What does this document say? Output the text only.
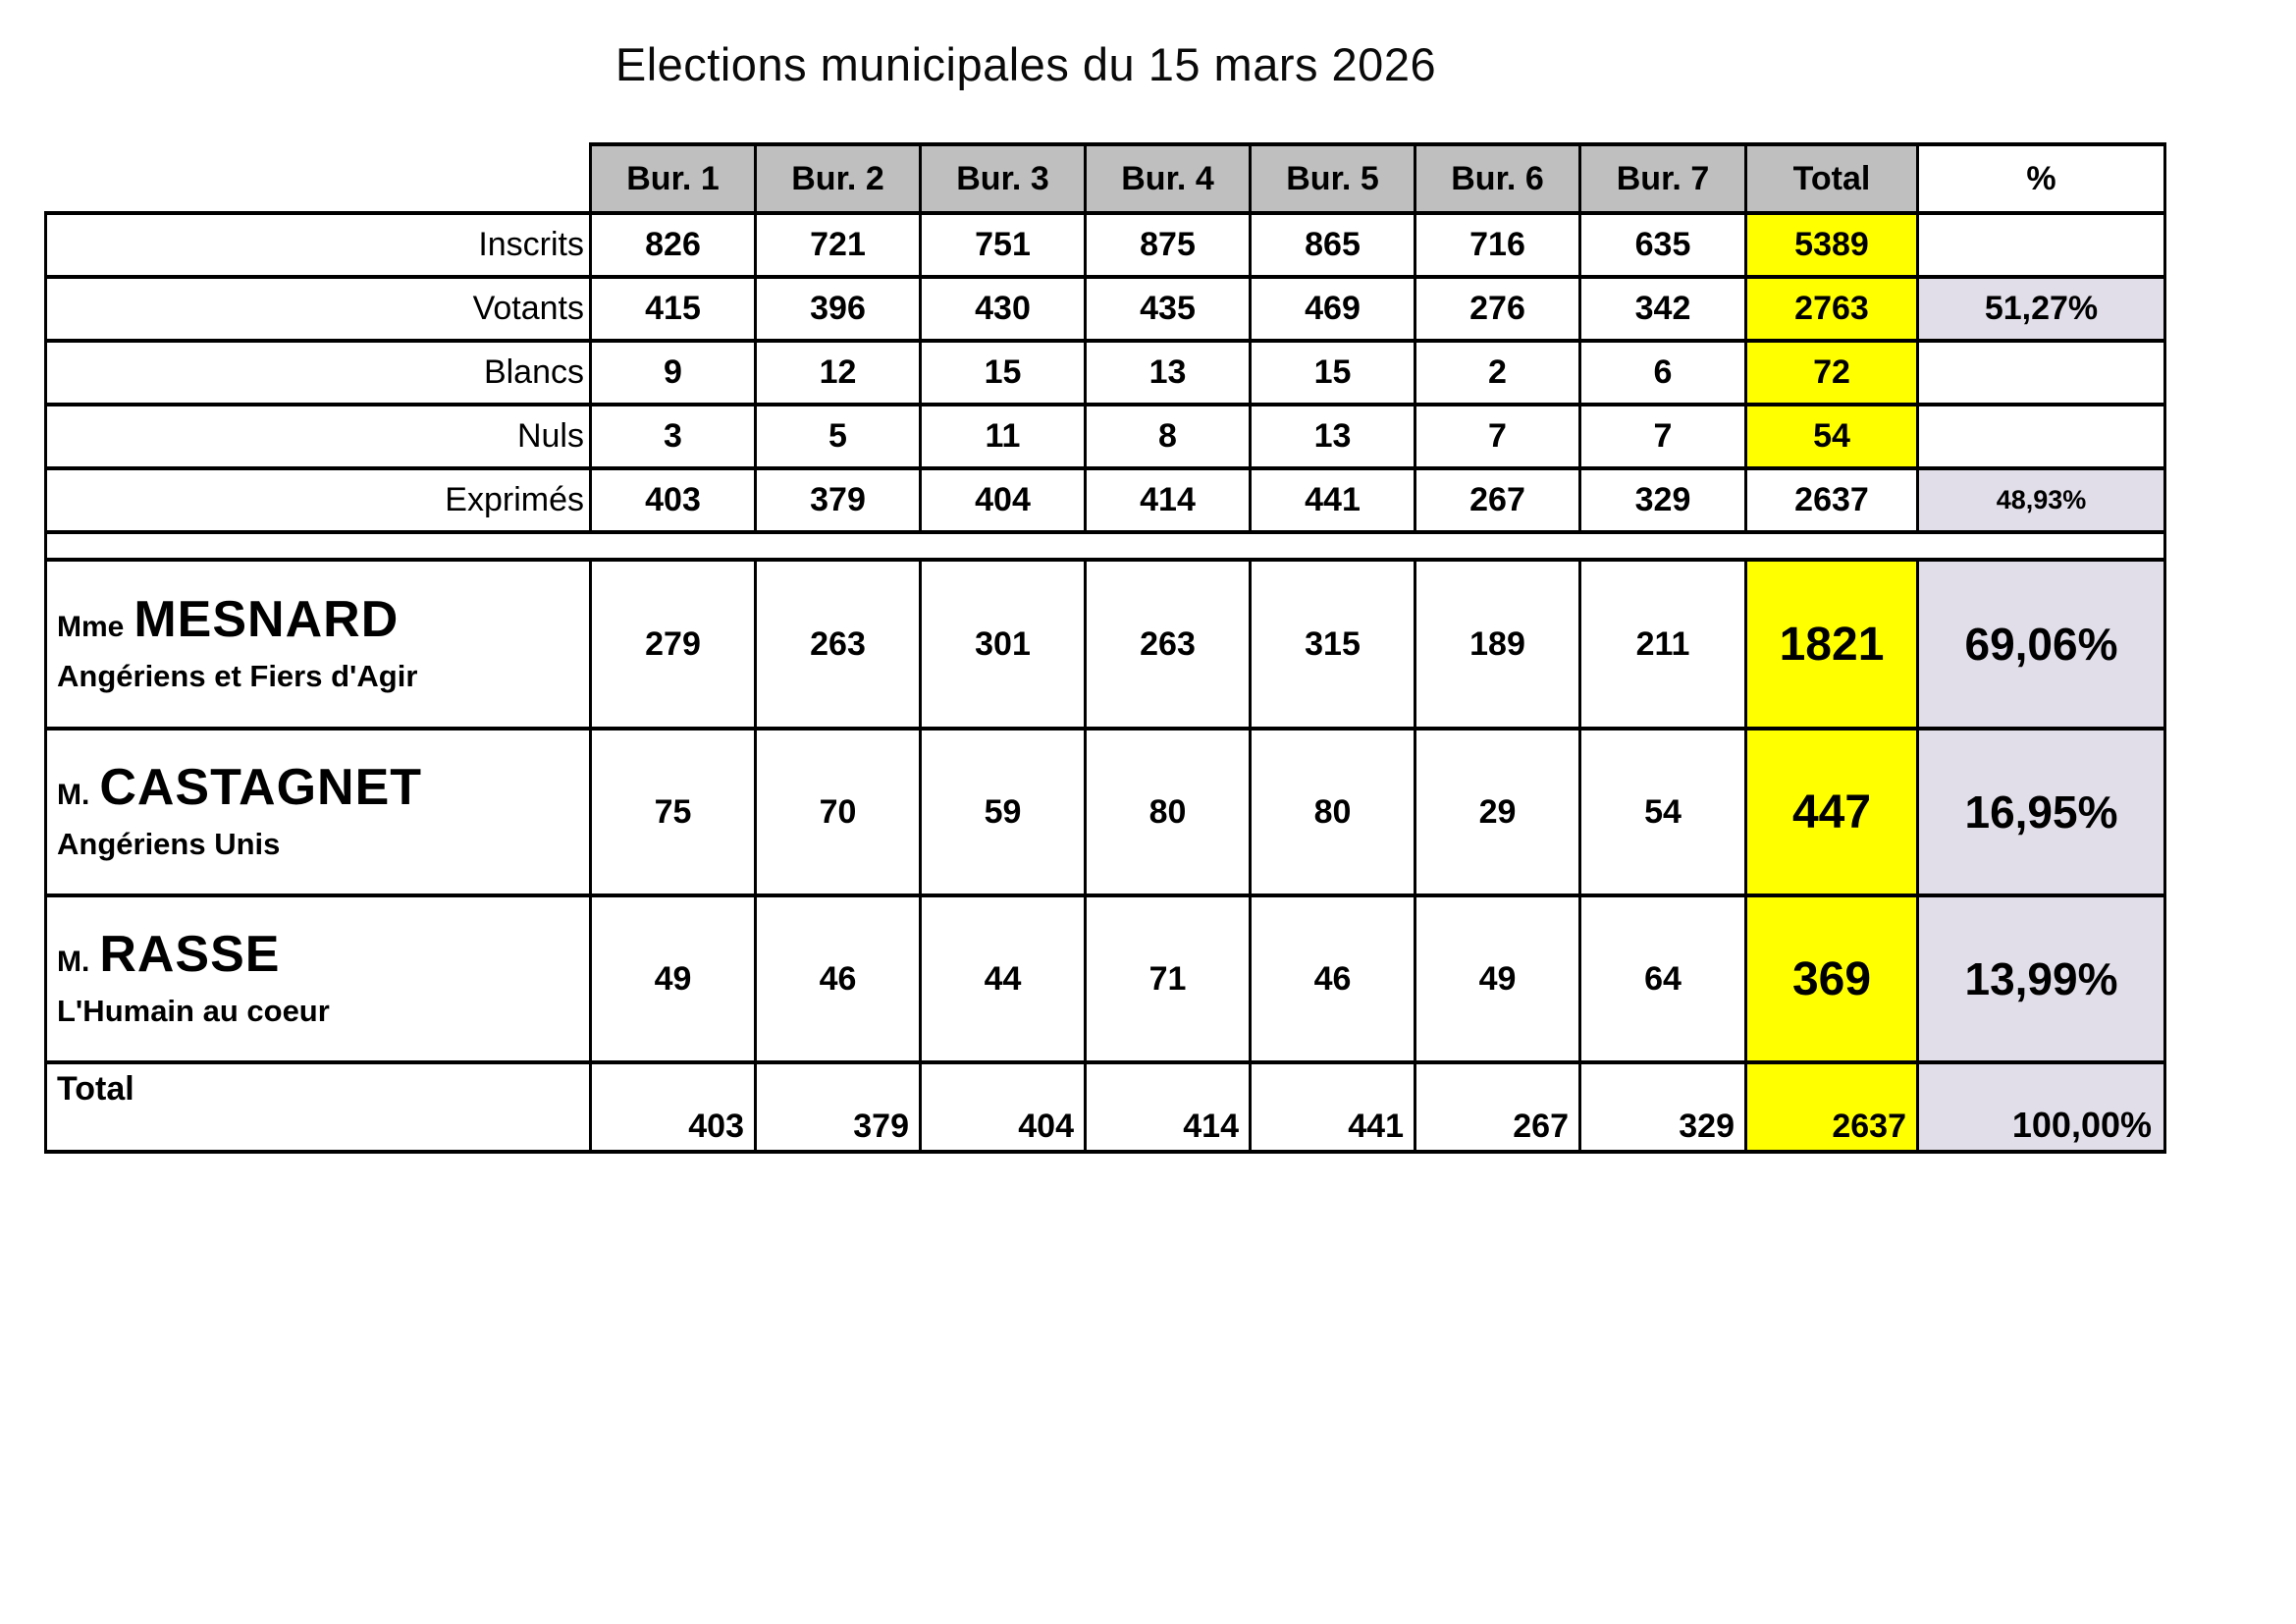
Elections municipales du 15 mars 2026
Bur. 1	Bur. 2	Bur. 3	Bur. 4	Bur. 5	Bur. 6	Bur. 7	Total	%
Inscrits	826	721	751	875	865	716	635	5389
Votants	415	396	430	435	469	276	342	2763	51,27%
Blancs	9	12	15	13	15	2	6	72
Nuls	3	5	11	8	13	7	7	54
Exprimés	403	379	404	414	441	267	329	2637	48,93%
Mme MESNARD
Angériens et Fiers d'Agir
279	263	301	263	315	189	211	1821	69,06%
M. CASTAGNET
Angériens Unis
75	70	59	80	80	29	54	447	16,95%
M. RASSE
L'Humain au coeur
49	46	44	71	46	49	64	369	13,99%
Total
403	379	404	414	441	267	329	2637	100,00%
